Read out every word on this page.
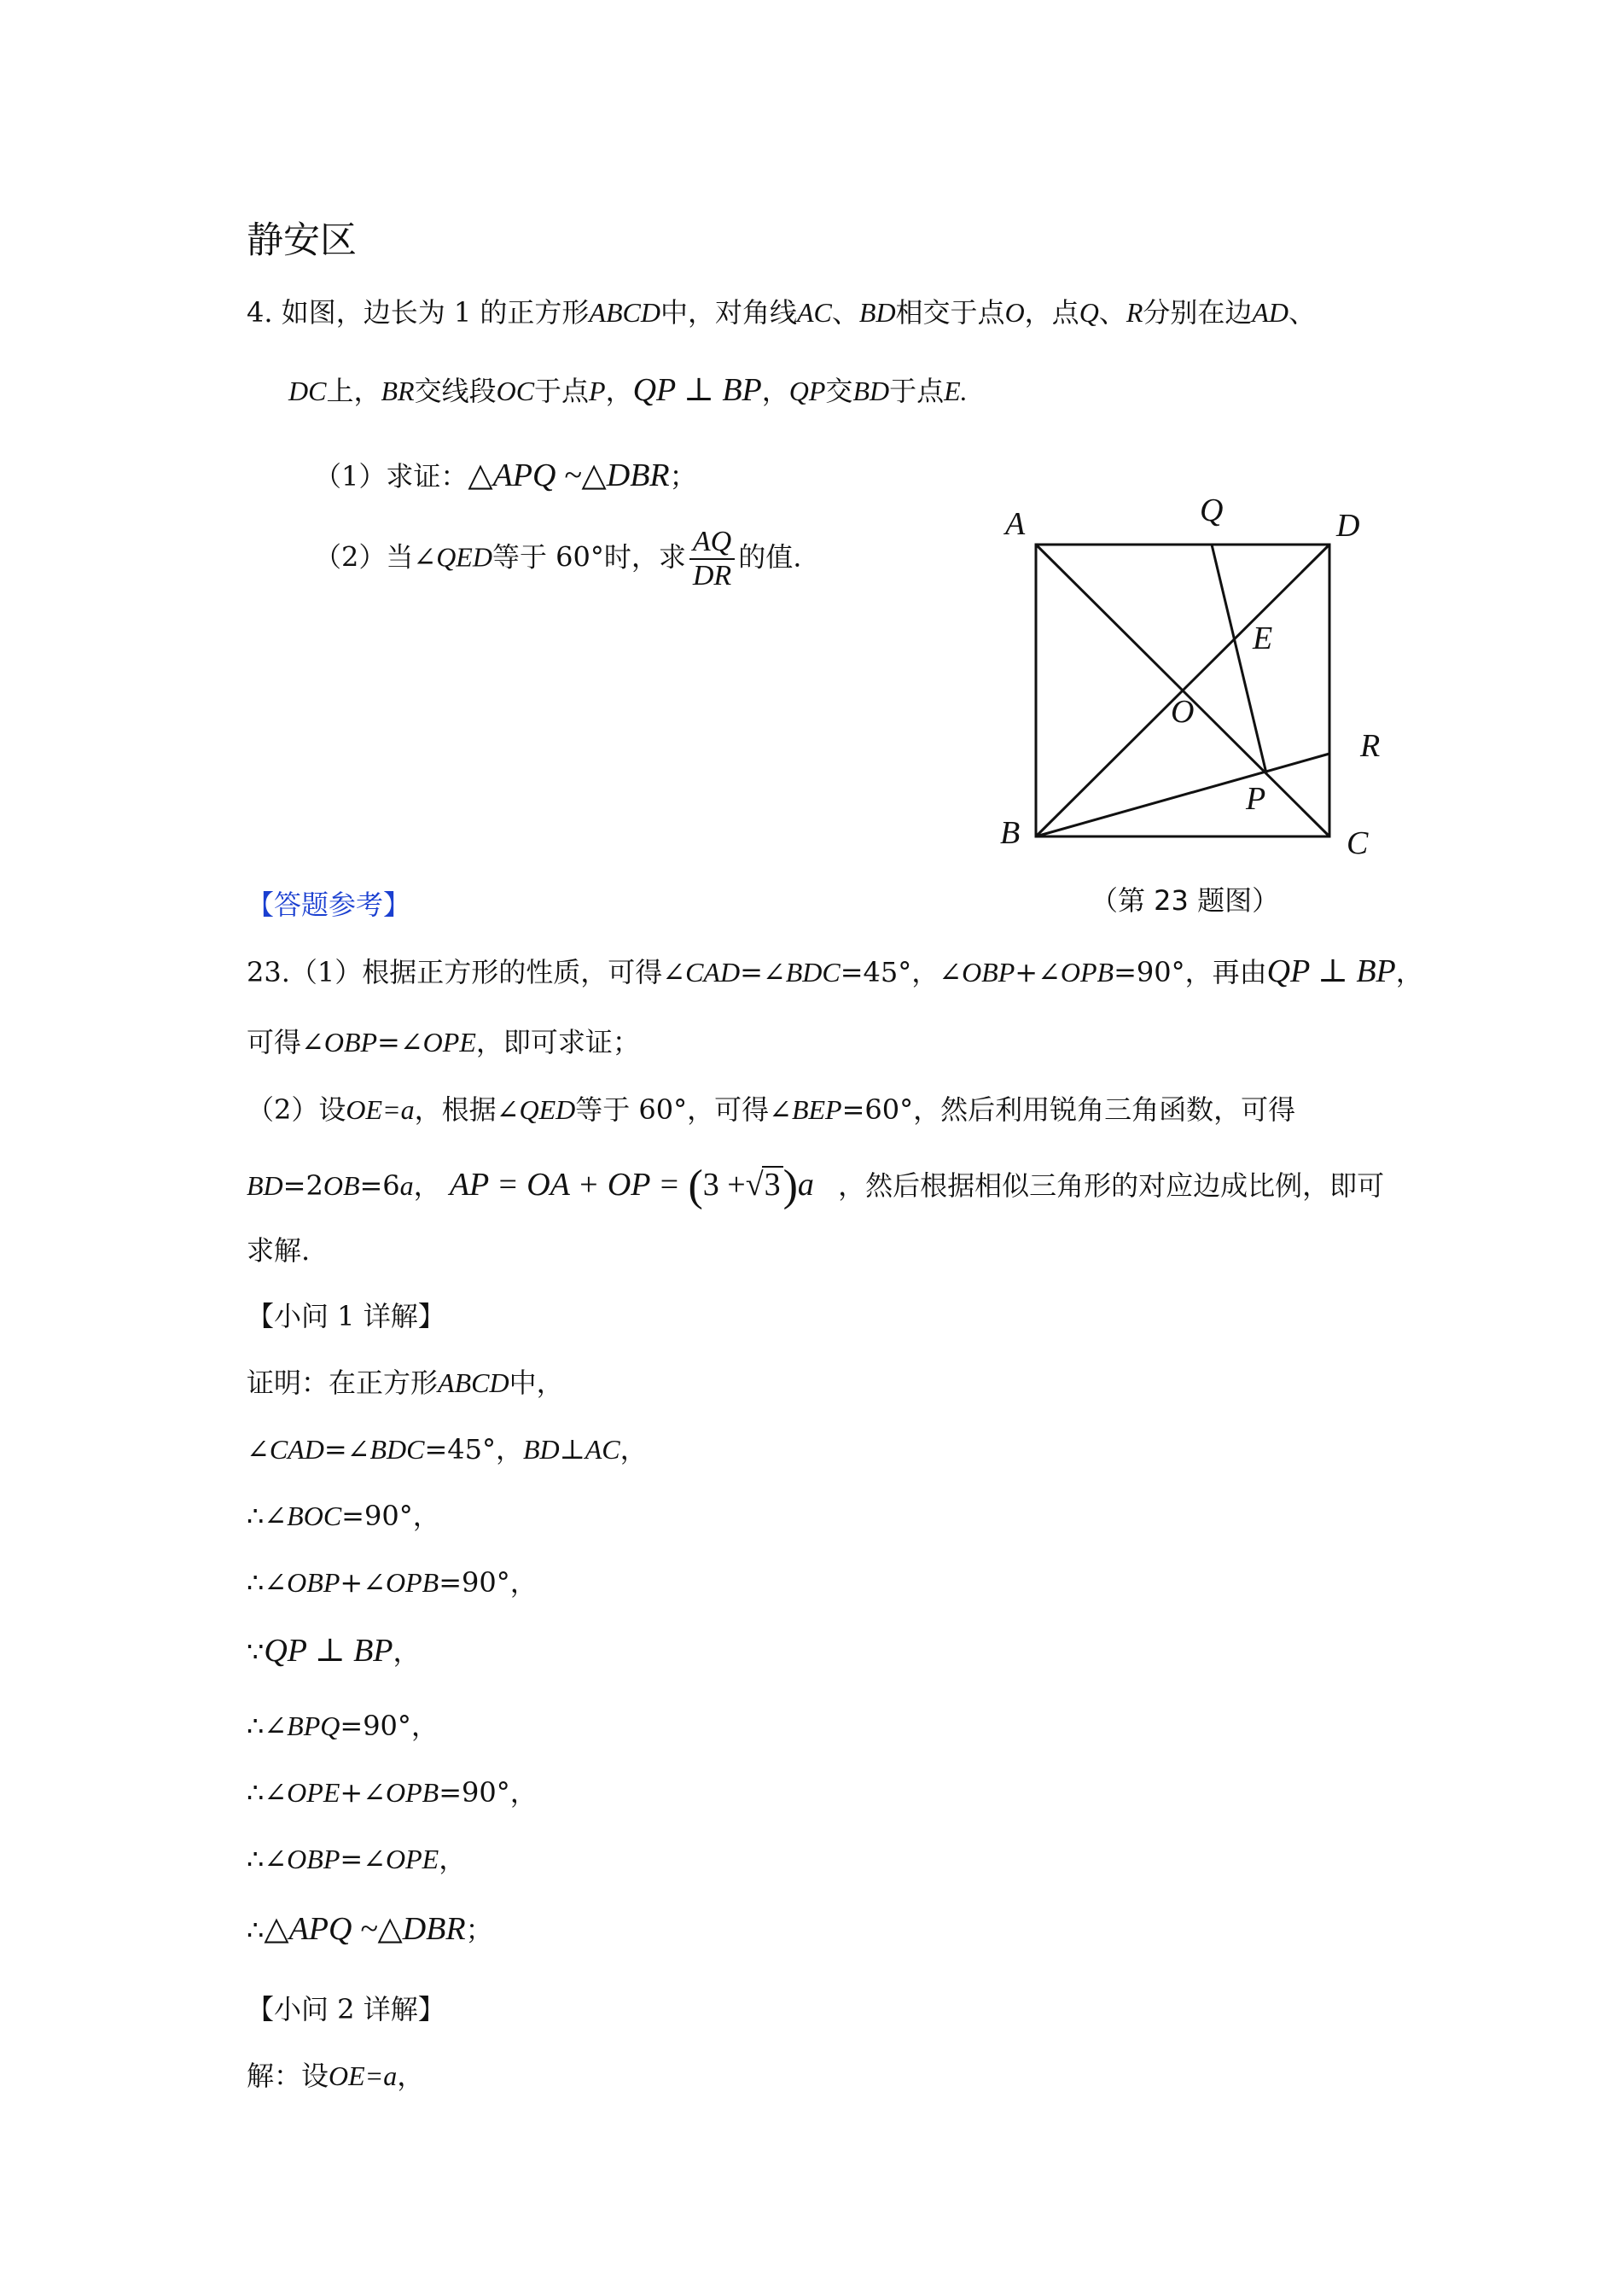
静安区
4. 如图，边长为 1 的正方形ABCD中，对角线AC、BD相交于点O，点Q、R分别在边AD、
DC上，BR交线段OC于点P，QP ⊥ BP，QP交BD于点E.
（1）求证：△APQ ~△DBR；
（2）当∠QED等于 60°时，求 $\frac{AQ}{DR}$ 的值.
A	Q	D
E
O
R
P
B	C
（第 23 题图）
【答题参考】
23.（1）根据正方形的性质，可得∠CAD=∠BDC=45°，∠OBP+∠OPB=90°，再由QP ⊥ BP，
可得∠OBP=∠OPE，即可求证；
（2）设OE=a，根据∠QED等于 60°，可得∠BEP=60°，然后利用锐角三角函数，可得
BD=2OB=6a， AP = OA + OP = (3 +√3)a ，然后根据相似三角形的对应边成比例，即可
求解.
【小问 1 详解】
证明：在正方形ABCD中，
∠CAD=∠BDC=45°，BD⊥AC，
∴∠BOC=90°，
∴∠OBP+∠OPB=90°，
∵QP ⊥ BP，
∴∠BPQ=90°，
∴∠OPE+∠OPB=90°，
∴∠OBP=∠OPE，
∴△APQ ~△DBR；
【小问 2 详解】
解：设OE=a，
